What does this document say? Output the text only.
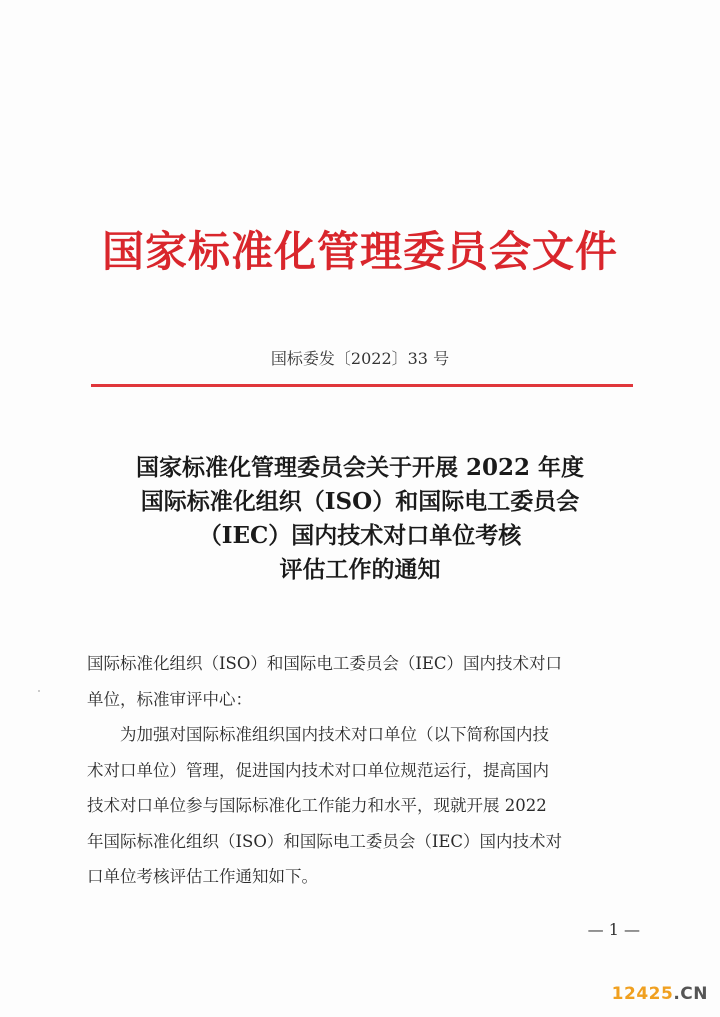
国家标准化管理委员会文件
国标委发〔2022〕33 号
国家标准化管理委员会关于开展 2022 年度
国际标准化组织（ISO）和国际电工委员会
（IEC）国内技术对口单位考核
评估工作的通知

国际标准化组织（ISO）和国际电工委员会（IEC）国内技术对口

单位，标准审评中心：

为加强对国际标准组织国内技术对口单位（以下简称国内技

术对口单位）管理，促进国内技术对口单位规范运行，提高国内

技术对口单位参与国际标准化工作能力和水平，现就开展 2022

年国际标准化组织（ISO）和国际电工委员会（IEC）国内技术对

口单位考核评估工作通知如下。

— 1 —
12425.CN
